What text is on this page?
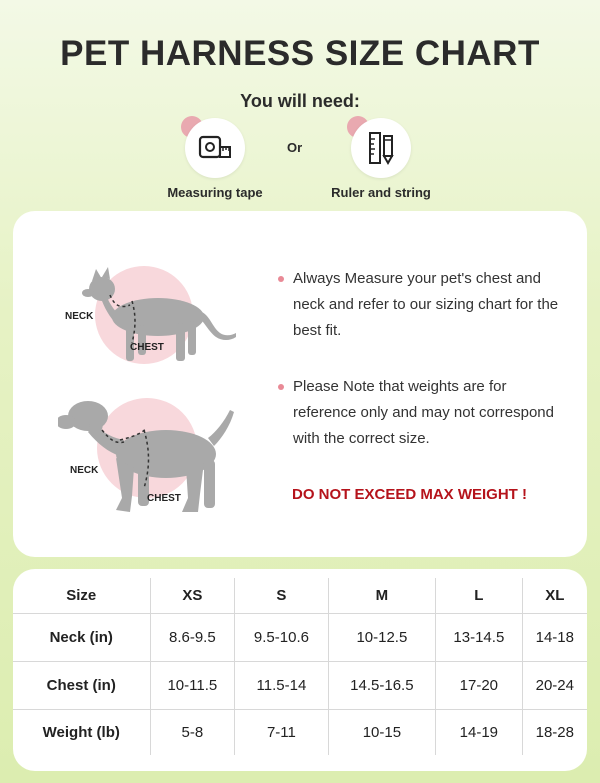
PET HARNESS SIZE CHART
You will need:
Measuring tape
Or
Ruler and string
NECK
CHEST
NECK
CHEST
Always Measure your pet's chest and neck and refer to our sizing chart for the best fit.
Please Note that weights are for reference only and may not correspond with the correct size.
DO NOT EXCEED MAX WEIGHT !
Size	XS	S	M	L	XL
Neck (in)	8.6-9.5	9.5-10.6	10-12.5	13-14.5	14-18
Chest (in)	10-11.5	11.5-14	14.5-16.5	17-20	20-24
Weight (lb)	5-8	7-11	10-15	14-19	18-28
